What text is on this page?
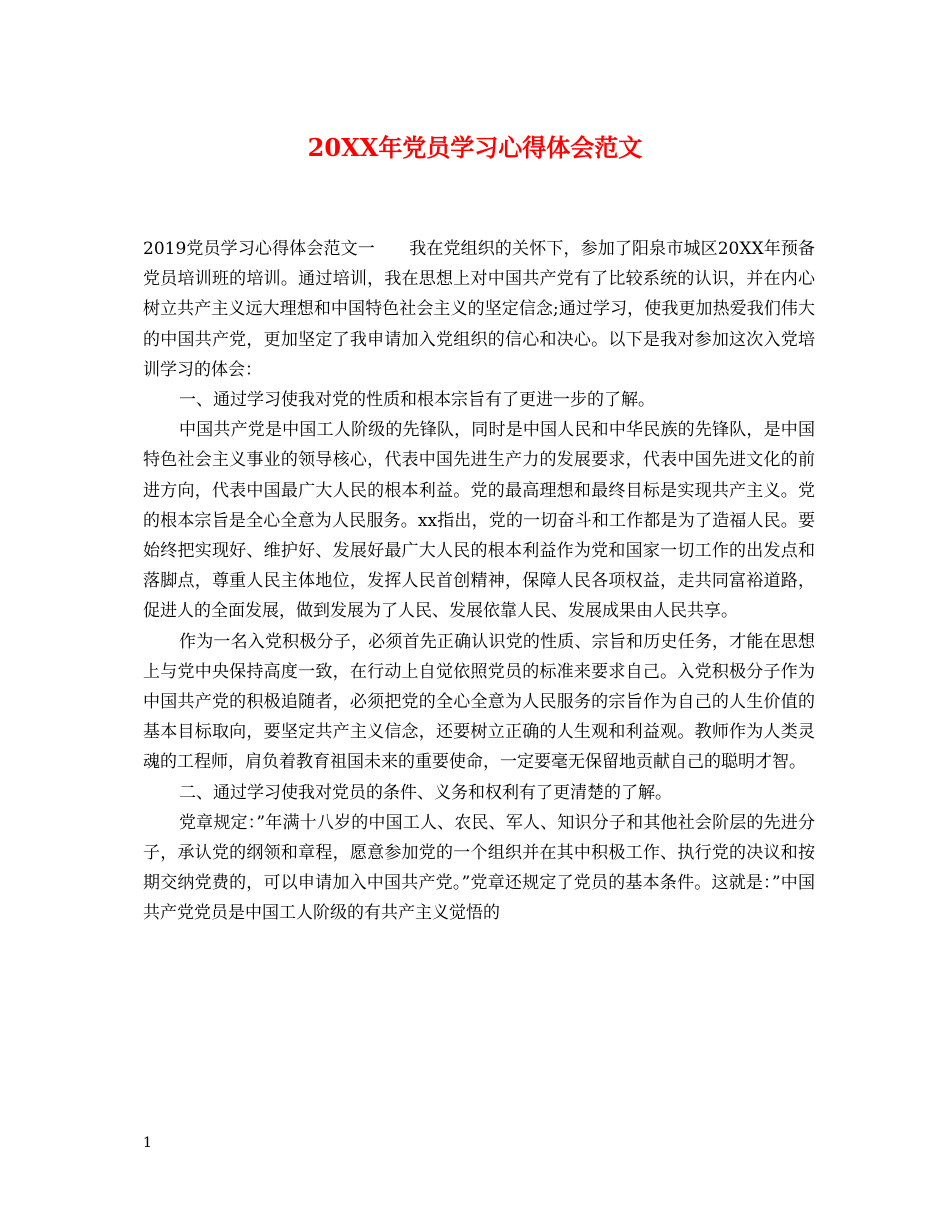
20XX年党员学习心得体会范文

2019党员学习心得体会范文一　　我在党组织的关怀下，参加了阳泉市城区20XX年预备党员培训班的培训。通过培训，我在思想上对中国共产党有了比较系统的认识，并在内心树立共产主义远大理想和中国特色社会主义的坚定信念;通过学习，使我更加热爱我们伟大的中国共产党，更加坚定了我申请加入党组织的信心和决心。以下是我对参加这次入党培训学习的体会：

一、通过学习使我对党的性质和根本宗旨有了更进一步的了解。

中国共产党是中国工人阶级的先锋队，同时是中国人民和中华民族的先锋队，是中国特色社会主义事业的领导核心，代表中国先进生产力的发展要求，代表中国先进文化的前进方向，代表中国最广大人民的根本利益。党的最高理想和最终目标是实现共产主义。党的根本宗旨是全心全意为人民服务。xx指出，党的一切奋斗和工作都是为了造福人民。要始终把实现好、维护好、发展好最广大人民的根本利益作为党和国家一切工作的出发点和落脚点，尊重人民主体地位，发挥人民首创精神，保障人民各项权益，走共同富裕道路，促进人的全面发展，做到发展为了人民、发展依靠人民、发展成果由人民共享。

作为一名入党积极分子，必须首先正确认识党的性质、宗旨和历史任务，才能在思想上与党中央保持高度一致，在行动上自觉依照党员的标准来要求自己。入党积极分子作为中国共产党的积极追随者，必须把党的全心全意为人民服务的宗旨作为自己的人生价值的基本目标取向，要坚定共产主义信念，还要树立正确的人生观和利益观。教师作为人类灵魂的工程师，肩负着教育祖国未来的重要使命，一定要毫无保留地贡献自己的聪明才智。

二、通过学习使我对党员的条件、义务和权利有了更清楚的了解。

党章规定：”年满十八岁的中国工人、农民、军人、知识分子和其他社会阶层的先进分子，承认党的纲领和章程，愿意参加党的一个组织并在其中积极工作、执行党的决议和按期交纳党费的，可以申请加入中国共产党。”党章还规定了党员的基本条件。这就是：”中国共产党党员是中国工人阶级的有共产主义觉悟的

1
